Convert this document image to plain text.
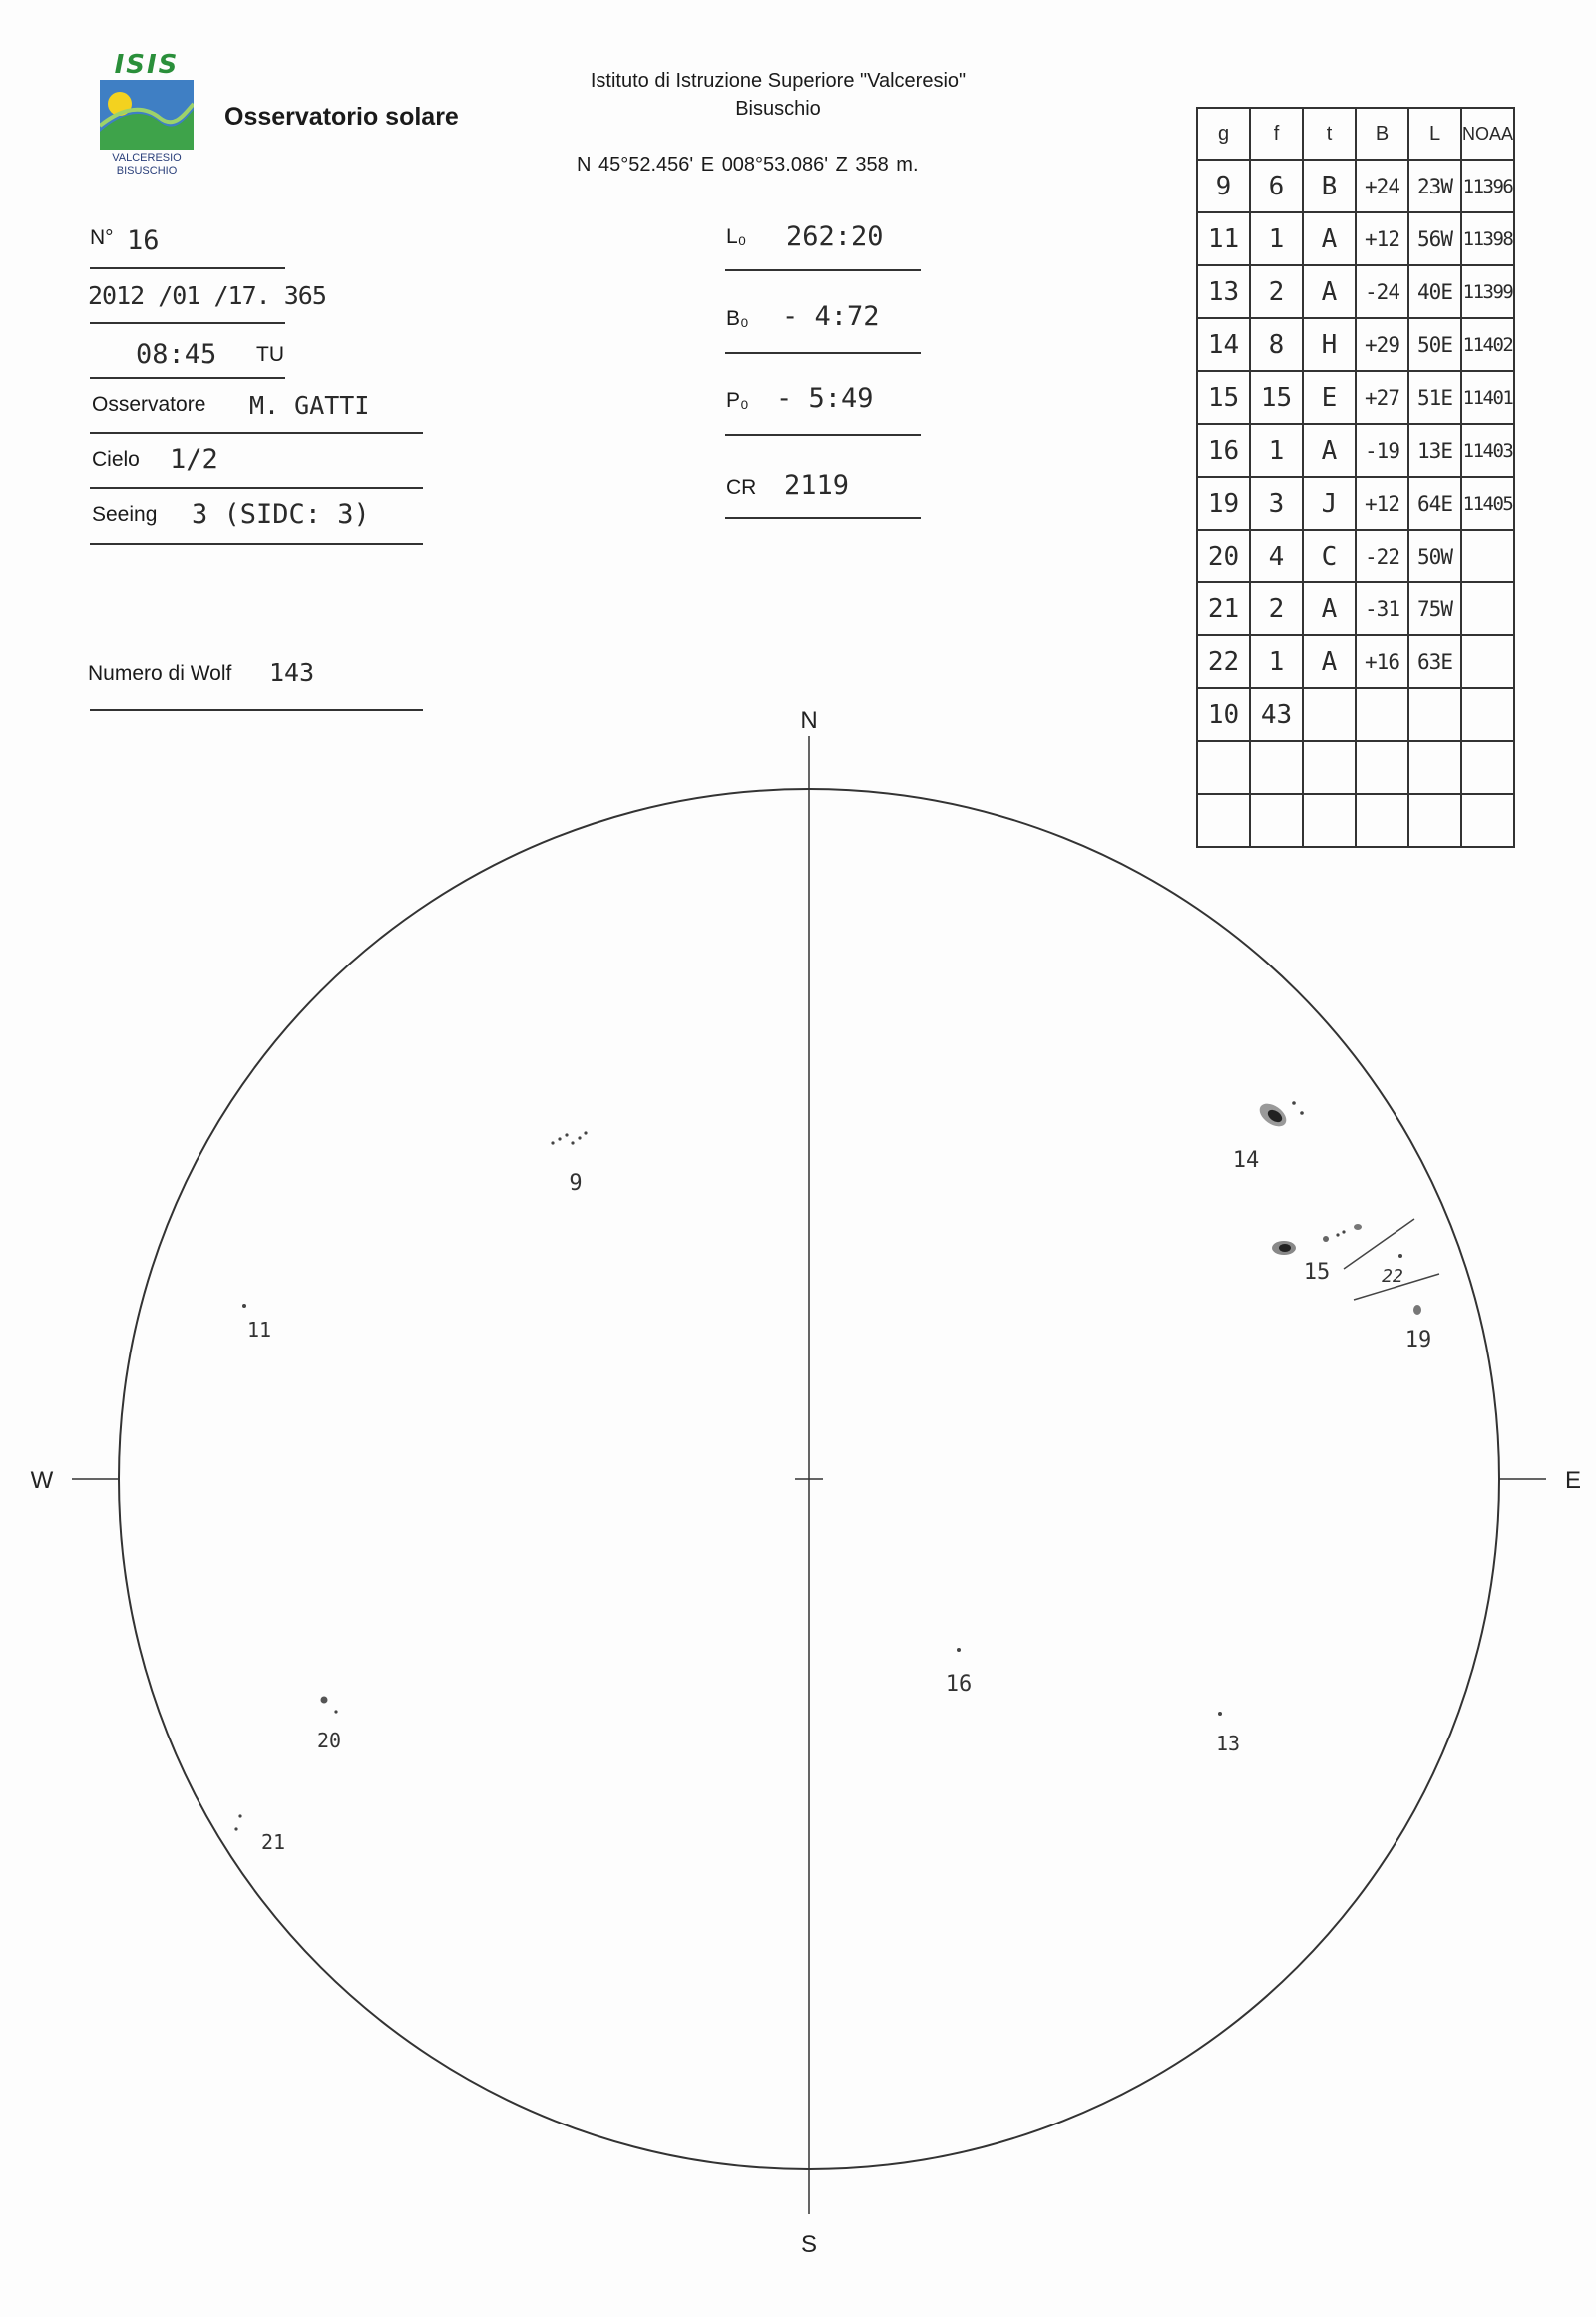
ISIS
VALCERESIO
BISUSCHIO
Osservatorio solare
Istituto di Istruzione Superiore "Valceresio"
Bisuschio
N 45°52.456' E 008°53.086' Z 358 m.
N° 16
2012 /01 /17. 365
08:45 TU
Osservatore M. GATTI
Cielo 1/2
Seeing 3 (SIDC: 3)
Numero di Wolf 143
L₀ 262:20
B₀ - 4:72
P₀ - 5:49
CR 2119
g	f	t	B	L	NOAA
9	6	B	+24	23W	11396
11	1	A	+12	56W	11398
13	2	A	-24	40E	11399
14	8	H	+29	50E	11402
15	15	E	+27	51E	11401
16	1	A	-19	13E	11403
19	3	J	+12	64E	11405
20	4	C	-22	50W	
21	2	A	-31	75W	
22	1	A	+16	63E	
10	43				

N
S
W	E
9
11
14
15	22
19
16
20	13
21
